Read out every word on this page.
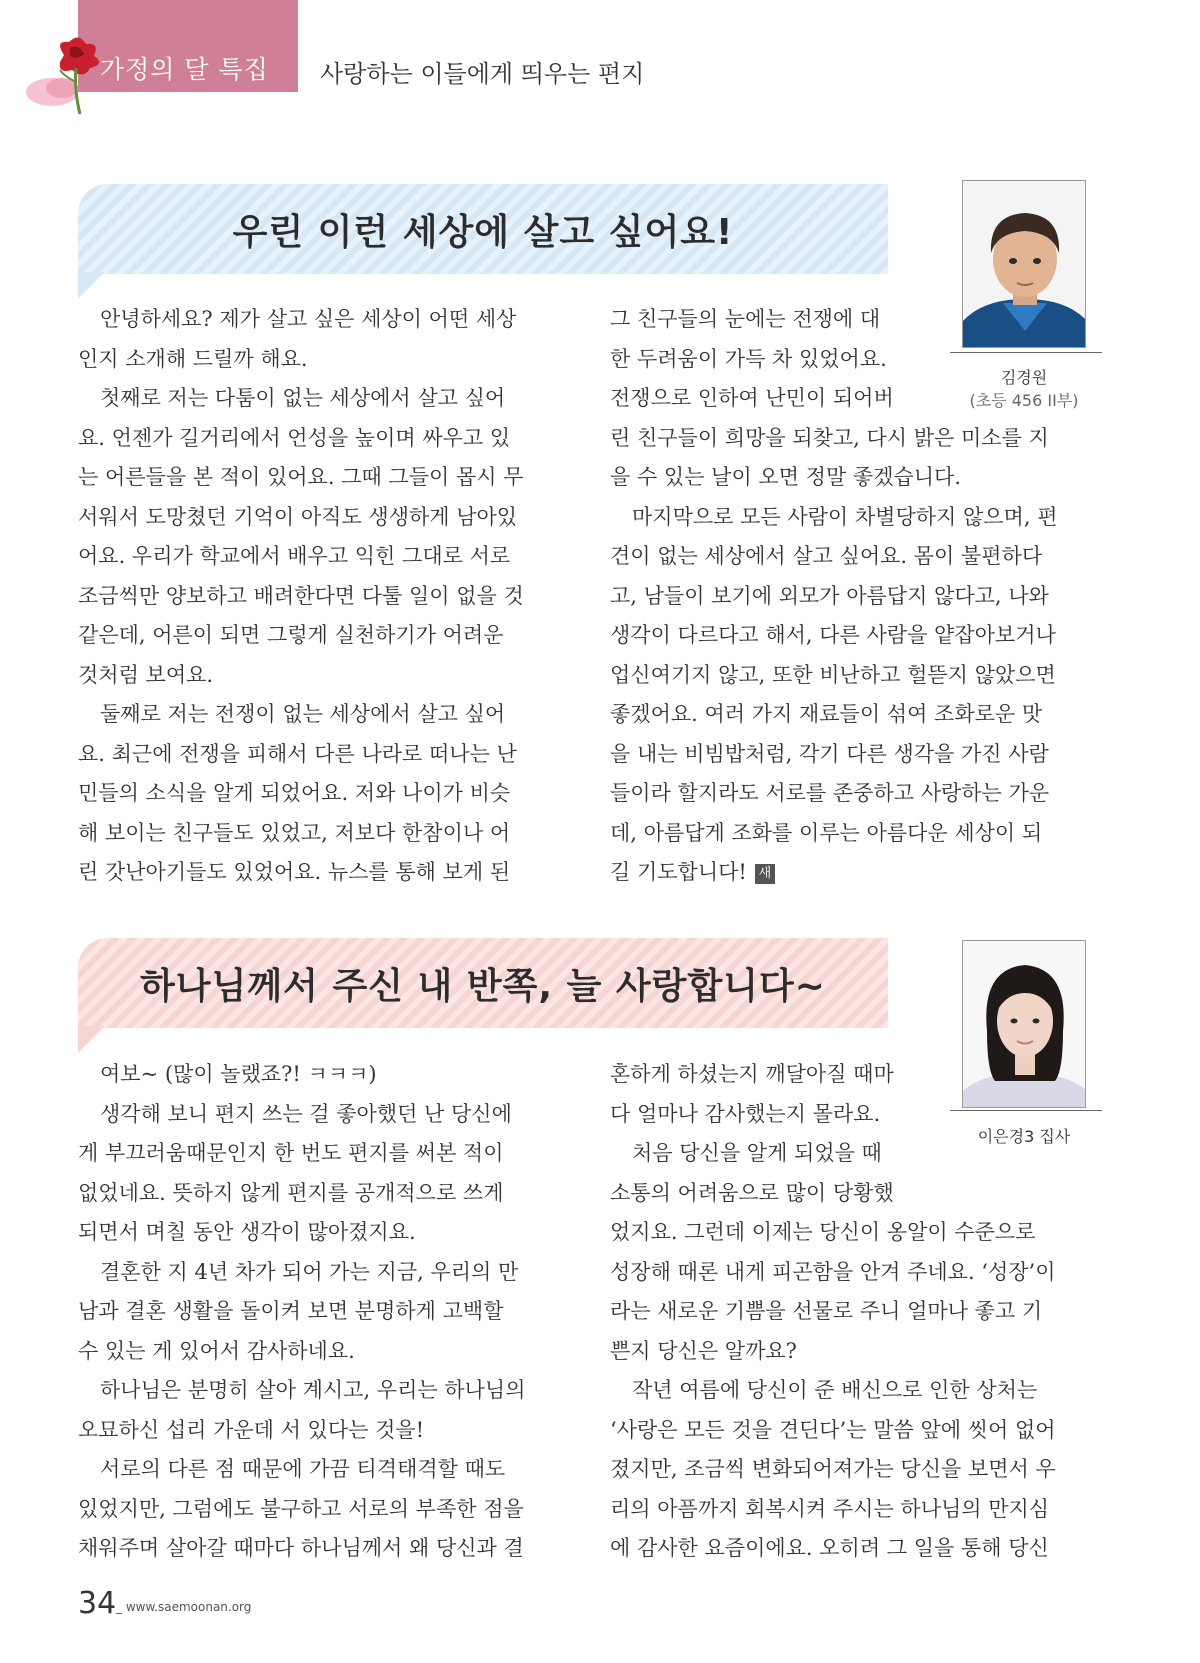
가정의 달 특집 사랑하는 이들에게 띄우는 편지
우린 이런 세상에 살고 싶어요!
김경원
(초등 456 II부)
안녕하세요? 제가 살고 싶은 세상이 어떤 세상
인지 소개해 드릴까 해요.
첫째로 저는 다툼이 없는 세상에서 살고 싶어
요. 언젠가 길거리에서 언성을 높이며 싸우고 있
는 어른들을 본 적이 있어요. 그때 그들이 몹시 무
서워서 도망쳤던 기억이 아직도 생생하게 남아있
어요. 우리가 학교에서 배우고 익힌 그대로 서로
조금씩만 양보하고 배려한다면 다툴 일이 없을 것
같은데, 어른이 되면 그렇게 실천하기가 어려운
것처럼 보여요.
둘째로 저는 전쟁이 없는 세상에서 살고 싶어
요. 최근에 전쟁을 피해서 다른 나라로 떠나는 난
민들의 소식을 알게 되었어요. 저와 나이가 비슷
해 보이는 친구들도 있었고, 저보다 한참이나 어
린 갓난아기들도 있었어요. 뉴스를 통해 보게 된
그 친구들의 눈에는 전쟁에 대
한 두려움이 가득 차 있었어요.
전쟁으로 인하여 난민이 되어버
린 친구들이 희망을 되찾고, 다시 밝은 미소를 지
을 수 있는 날이 오면 정말 좋겠습니다.
마지막으로 모든 사람이 차별당하지 않으며, 편
견이 없는 세상에서 살고 싶어요. 몸이 불편하다
고, 남들이 보기에 외모가 아름답지 않다고, 나와
생각이 다르다고 해서, 다른 사람을 얕잡아보거나
업신여기지 않고, 또한 비난하고 헐뜯지 않았으면
좋겠어요. 여러 가지 재료들이 섞여 조화로운 맛
을 내는 비빔밥처럼, 각기 다른 생각을 가진 사람
들이라 할지라도 서로를 존중하고 사랑하는 가운
데, 아름답게 조화를 이루는 아름다운 세상이 되
길 기도합니다! 새
하나님께서 주신 내 반쪽, 늘 사랑합니다~
이은경3 집사
여보~ (많이 놀랬죠?! ㅋㅋㅋ)
생각해 보니 편지 쓰는 걸 좋아했던 난 당신에
게 부끄러움때문인지 한 번도 편지를 써본 적이
없었네요. 뜻하지 않게 편지를 공개적으로 쓰게
되면서 며칠 동안 생각이 많아졌지요.
결혼한 지 4년 차가 되어 가는 지금, 우리의 만
남과 결혼 생활을 돌이켜 보면 분명하게 고백할
수 있는 게 있어서 감사하네요.
하나님은 분명히 살아 계시고, 우리는 하나님의
오묘하신 섭리 가운데 서 있다는 것을!
서로의 다른 점 때문에 가끔 티격태격할 때도
있었지만, 그럼에도 불구하고 서로의 부족한 점을
채워주며 살아갈 때마다 하나님께서 왜 당신과 결
혼하게 하셨는지 깨달아질 때마
다 얼마나 감사했는지 몰라요.
처음 당신을 알게 되었을 때
소통의 어려움으로 많이 당황했
었지요. 그런데 이제는 당신이 옹알이 수준으로
성장해 때론 내게 피곤함을 안겨 주네요. ‘성장’이
라는 새로운 기쁨을 선물로 주니 얼마나 좋고 기
쁜지 당신은 알까요?
작년 여름에 당신이 준 배신으로 인한 상처는
‘사랑은 모든 것을 견딘다’는 말씀 앞에 씻어 없어
졌지만, 조금씩 변화되어져가는 당신을 보면서 우
리의 아픔까지 회복시켜 주시는 하나님의 만지심
에 감사한 요즘이에요. 오히려 그 일을 통해 당신
34 _ www.saemoonan.org
